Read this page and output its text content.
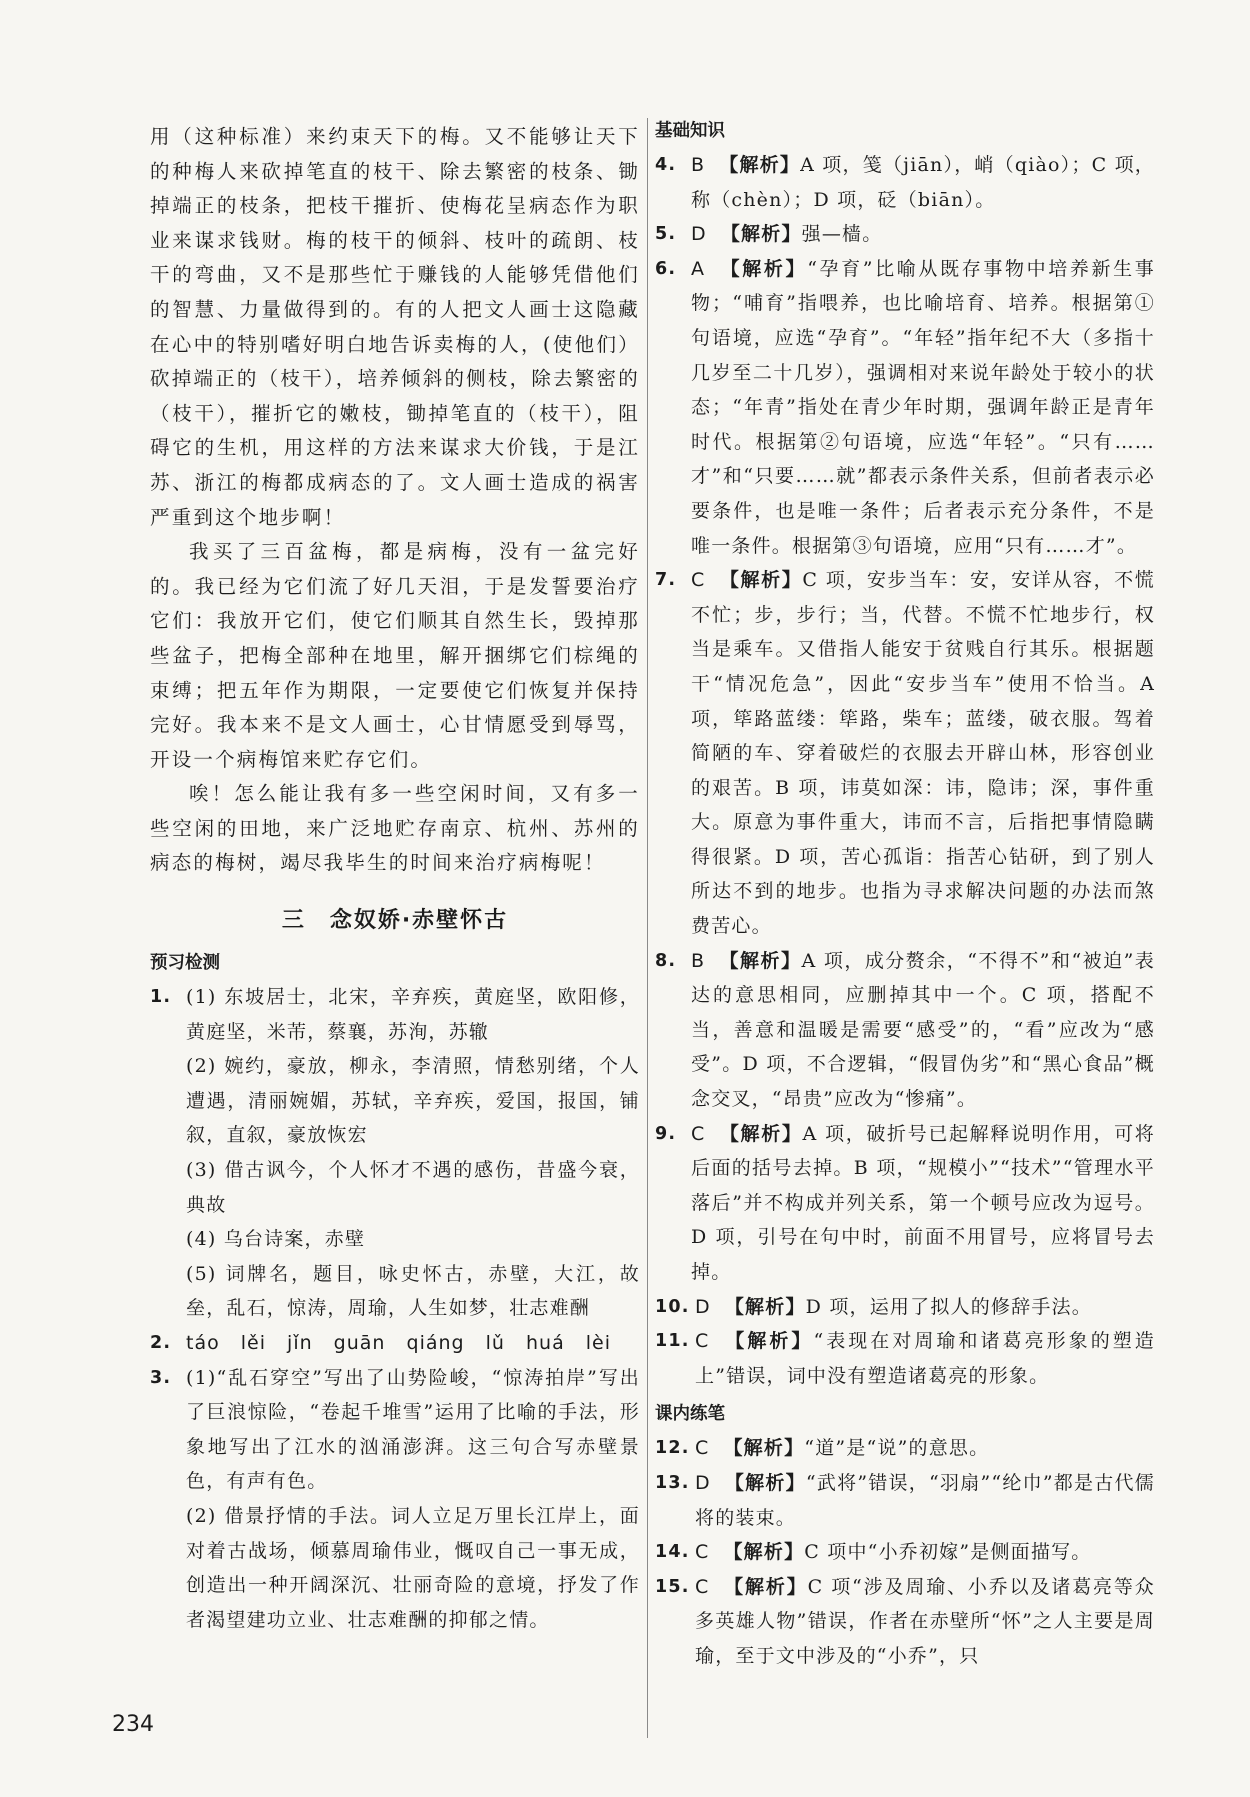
用（这种标准）来约束天下的梅。又不能够让天下的种梅人来砍掉笔直的枝干、除去繁密的枝条、锄掉端正的枝条，把枝干摧折、使梅花呈病态作为职业来谋求钱财。梅的枝干的倾斜、枝叶的疏朗、枝干的弯曲，又不是那些忙于赚钱的人能够凭借他们的智慧、力量做得到的。有的人把文人画士这隐藏在心中的特别嗜好明白地告诉卖梅的人，(使他们）砍掉端正的（枝干），培养倾斜的侧枝，除去繁密的（枝干），摧折它的嫩枝，锄掉笔直的（枝干），阻碍它的生机，用这样的方法来谋求大价钱，于是江苏、浙江的梅都成病态的了。文人画士造成的祸害严重到这个地步啊！

我买了三百盆梅，都是病梅，没有一盆完好的。我已经为它们流了好几天泪，于是发誓要治疗它们：我放开它们，使它们顺其自然生长，毁掉那些盆子，把梅全部种在地里，解开捆绑它们棕绳的束缚；把五年作为期限，一定要使它们恢复并保持完好。我本来不是文人画士，心甘情愿受到辱骂，开设一个病梅馆来贮存它们。

唉！怎么能让我有多一些空闲时间，又有多一些空闲的田地，来广泛地贮存南京、杭州、苏州的病态的梅树，竭尽我毕生的时间来治疗病梅呢！

三　念奴娇·赤壁怀古
预习检测
1. (1) 东坡居士，北宋，辛弃疾，黄庭坚，欧阳修，黄庭坚，米芾，蔡襄，苏洵，苏辙
(2) 婉约，豪放，柳永，李清照，情愁别绪，个人遭遇，清丽婉媚，苏轼，辛弃疾，爱国，报国，铺叙，直叙，豪放恢宏
(3) 借古讽今，个人怀才不遇的感伤，昔盛今衰，典故
(4) 乌台诗案，赤壁
(5) 词牌名，题目，咏史怀古，赤壁，大江，故垒，乱石，惊涛，周瑜，人生如梦，壮志难酬
2. táo lěi jǐn guān qiáng lǔ huá lèi
3. (1)“乱石穿空”写出了山势险峻，“惊涛拍岸”写出了巨浪惊险，“卷起千堆雪”运用了比喻的手法，形象地写出了江水的汹涌澎湃。这三句合写赤壁景色，有声有色。
(2) 借景抒情的手法。词人立足万里长江岸上，面对着古战场，倾慕周瑜伟业，慨叹自己一事无成，创造出一种开阔深沉、壮丽奇险的意境，抒发了作者渴望建功立业、壮志难酬的抑郁之情。
基础知识
4. B 【解析】A 项，笺（jiān），峭（qiào）；C 项，称（chèn）；D 项，砭（biān）。
5. D 【解析】强—樯。
6. A 【解析】“孕育”比喻从既存事物中培养新生事物；“哺育”指喂养，也比喻培育、培养。根据第①句语境，应选“孕育”。“年轻”指年纪不大（多指十几岁至二十几岁），强调相对来说年龄处于较小的状态；“年青”指处在青少年时期，强调年龄正是青年时代。根据第②句语境，应选“年轻”。“只有……才”和“只要……就”都表示条件关系，但前者表示必要条件，也是唯一条件；后者表示充分条件，不是唯一条件。根据第③句语境，应用“只有……才”。
7. C 【解析】C 项，安步当车：安，安详从容，不慌不忙；步，步行；当，代替。不慌不忙地步行，权当是乘车。又借指人能安于贫贱自行其乐。根据题干“情况危急”，因此“安步当车”使用不恰当。A 项，筚路蓝缕：筚路，柴车；蓝缕，破衣服。驾着简陋的车、穿着破烂的衣服去开辟山林，形容创业的艰苦。B 项，讳莫如深：讳，隐讳；深，事件重大。原意为事件重大，讳而不言，后指把事情隐瞒得很紧。D 项，苦心孤诣：指苦心钻研，到了别人所达不到的地步。也指为寻求解决问题的办法而煞费苦心。
8. B 【解析】A 项，成分赘余，“不得不”和“被迫”表达的意思相同，应删掉其中一个。C 项，搭配不当，善意和温暖是需要“感受”的，“看”应改为“感受”。D 项，不合逻辑，“假冒伪劣”和“黑心食品”概念交叉，“昂贵”应改为“惨痛”。
9. C 【解析】A 项，破折号已起解释说明作用，可将后面的括号去掉。B 项，“规模小”“技术”“管理水平落后”并不构成并列关系，第一个顿号应改为逗号。D 项，引号在句中时，前面不用冒号，应将冒号去掉。
10. D 【解析】D 项，运用了拟人的修辞手法。
11. C 【解析】“表现在对周瑜和诸葛亮形象的塑造上”错误，词中没有塑造诸葛亮的形象。
课内练笔
12. C 【解析】“道”是“说”的意思。
13. D 【解析】“武将”错误，“羽扇”“纶巾”都是古代儒将的装束。
14. C 【解析】C 项中“小乔初嫁”是侧面描写。
15. C 【解析】C 项“涉及周瑜、小乔以及诸葛亮等众多英雄人物”错误，作者在赤壁所“怀”之人主要是周瑜，至于文中涉及的“小乔”，只
234
